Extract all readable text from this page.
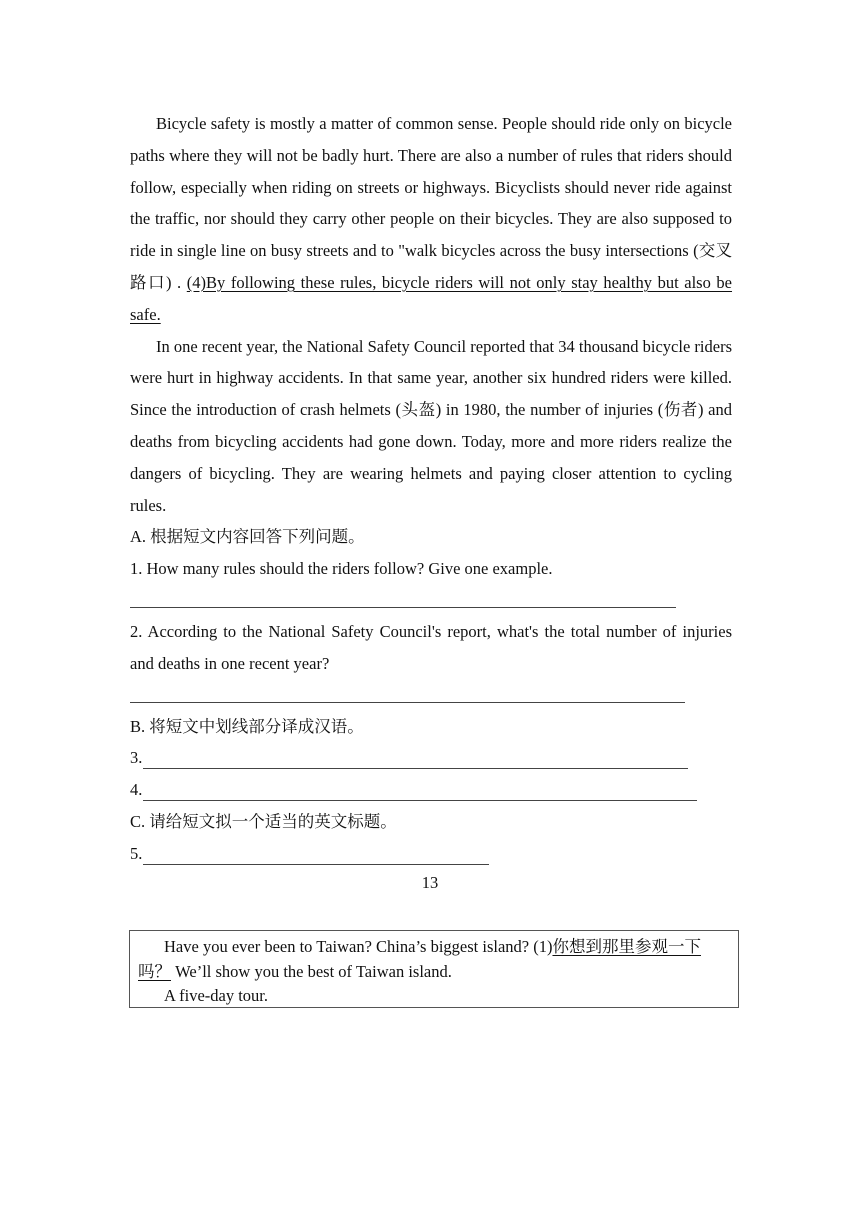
Bicycle safety is mostly a matter of common sense. People should ride only on bicycle paths where they will not be badly hurt. There are also a number of rules that riders should follow, especially when riding on streets or highways. Bicyclists should never ride against the traffic, nor should they carry other people on their bicycles. They are also supposed to ride in single line on busy streets and to "walk bicycles across the busy intersections (交叉路口) . (4)By following these rules, bicycle riders will not only stay healthy but also be safe.

In one recent year, the National Safety Council reported that 34 thousand bicycle riders were hurt in highway accidents. In that same year, another six hundred riders were killed. Since the introduction of crash helmets (头盔) in 1980, the number of injuries (伤者) and deaths from bicycling accidents had gone down. Today, more and more riders realize the dangers of bicycling. They are wearing helmets and paying closer attention to cycling rules.

A. 根据短文内容回答下列问题。

1. How many rules should the riders follow? Give one example.

2. According to the National Safety Council's report, what's the total number of injuries and deaths in one recent year?

B. 将短文中划线部分译成汉语。

3.
4.

C. 请给短文拟一个适当的英文标题。

5.
13

Have you ever been to Taiwan? China’s biggest island? (1)你想到那里参观一下吗？ We’ll show you the best of Taiwan island.

A five-day tour.
